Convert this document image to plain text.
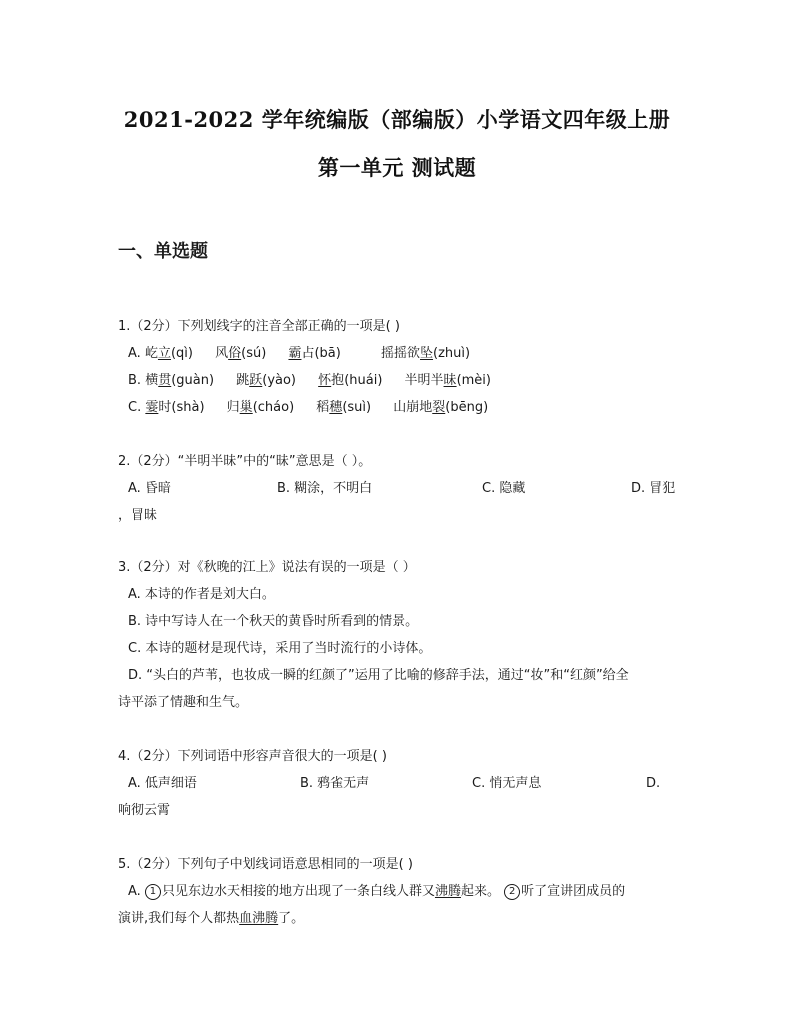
2021-2022 学年统编版（部编版）小学语文四年级上册
第一单元 测试题
一、单选题
1.（2分）下列划线字的注音全部正确的一项是( )
A. 屹立(qì) 风俗(sú) 霸占(bā)	摇摇欲坠(zhuì)
B. 横贯(guàn) 跳跃(yào) 怀抱(huái) 半明半昧(mèi)
C. 霎时(shà) 归巢(cháo) 稻穗(suì) 山崩地裂(bēng)
2.（2分）“半明半昧”中的“昧”意思是（ ）。
A. 昏暗	B. 糊涂，不明白	C. 隐藏	D. 冒犯
，冒昧
3.（2分）对《秋晚的江上》说法有误的一项是（ ）
A. 本诗的作者是刘大白。
B. 诗中写诗人在一个秋天的黄昏时所看到的情景。
C. 本诗的题材是现代诗，采用了当时流行的小诗体。
D. “头白的芦苇，也妆成一瞬的红颜了”运用了比喻的修辞手法，通过“妆”和“红颜”给全
诗平添了情趣和生气。
4.（2分）下列词语中形容声音很大的一项是( )
A. 低声细语	B. 鸦雀无声	C. 悄无声息	D.
响彻云霄
5.（2分）下列句子中划线词语意思相同的一项是( )
A. 1 只见东边水天相接的地方出现了一条白线人群又沸腾起来。 2 听了宣讲团成员的
演讲,我们每个人都热血沸腾了。
